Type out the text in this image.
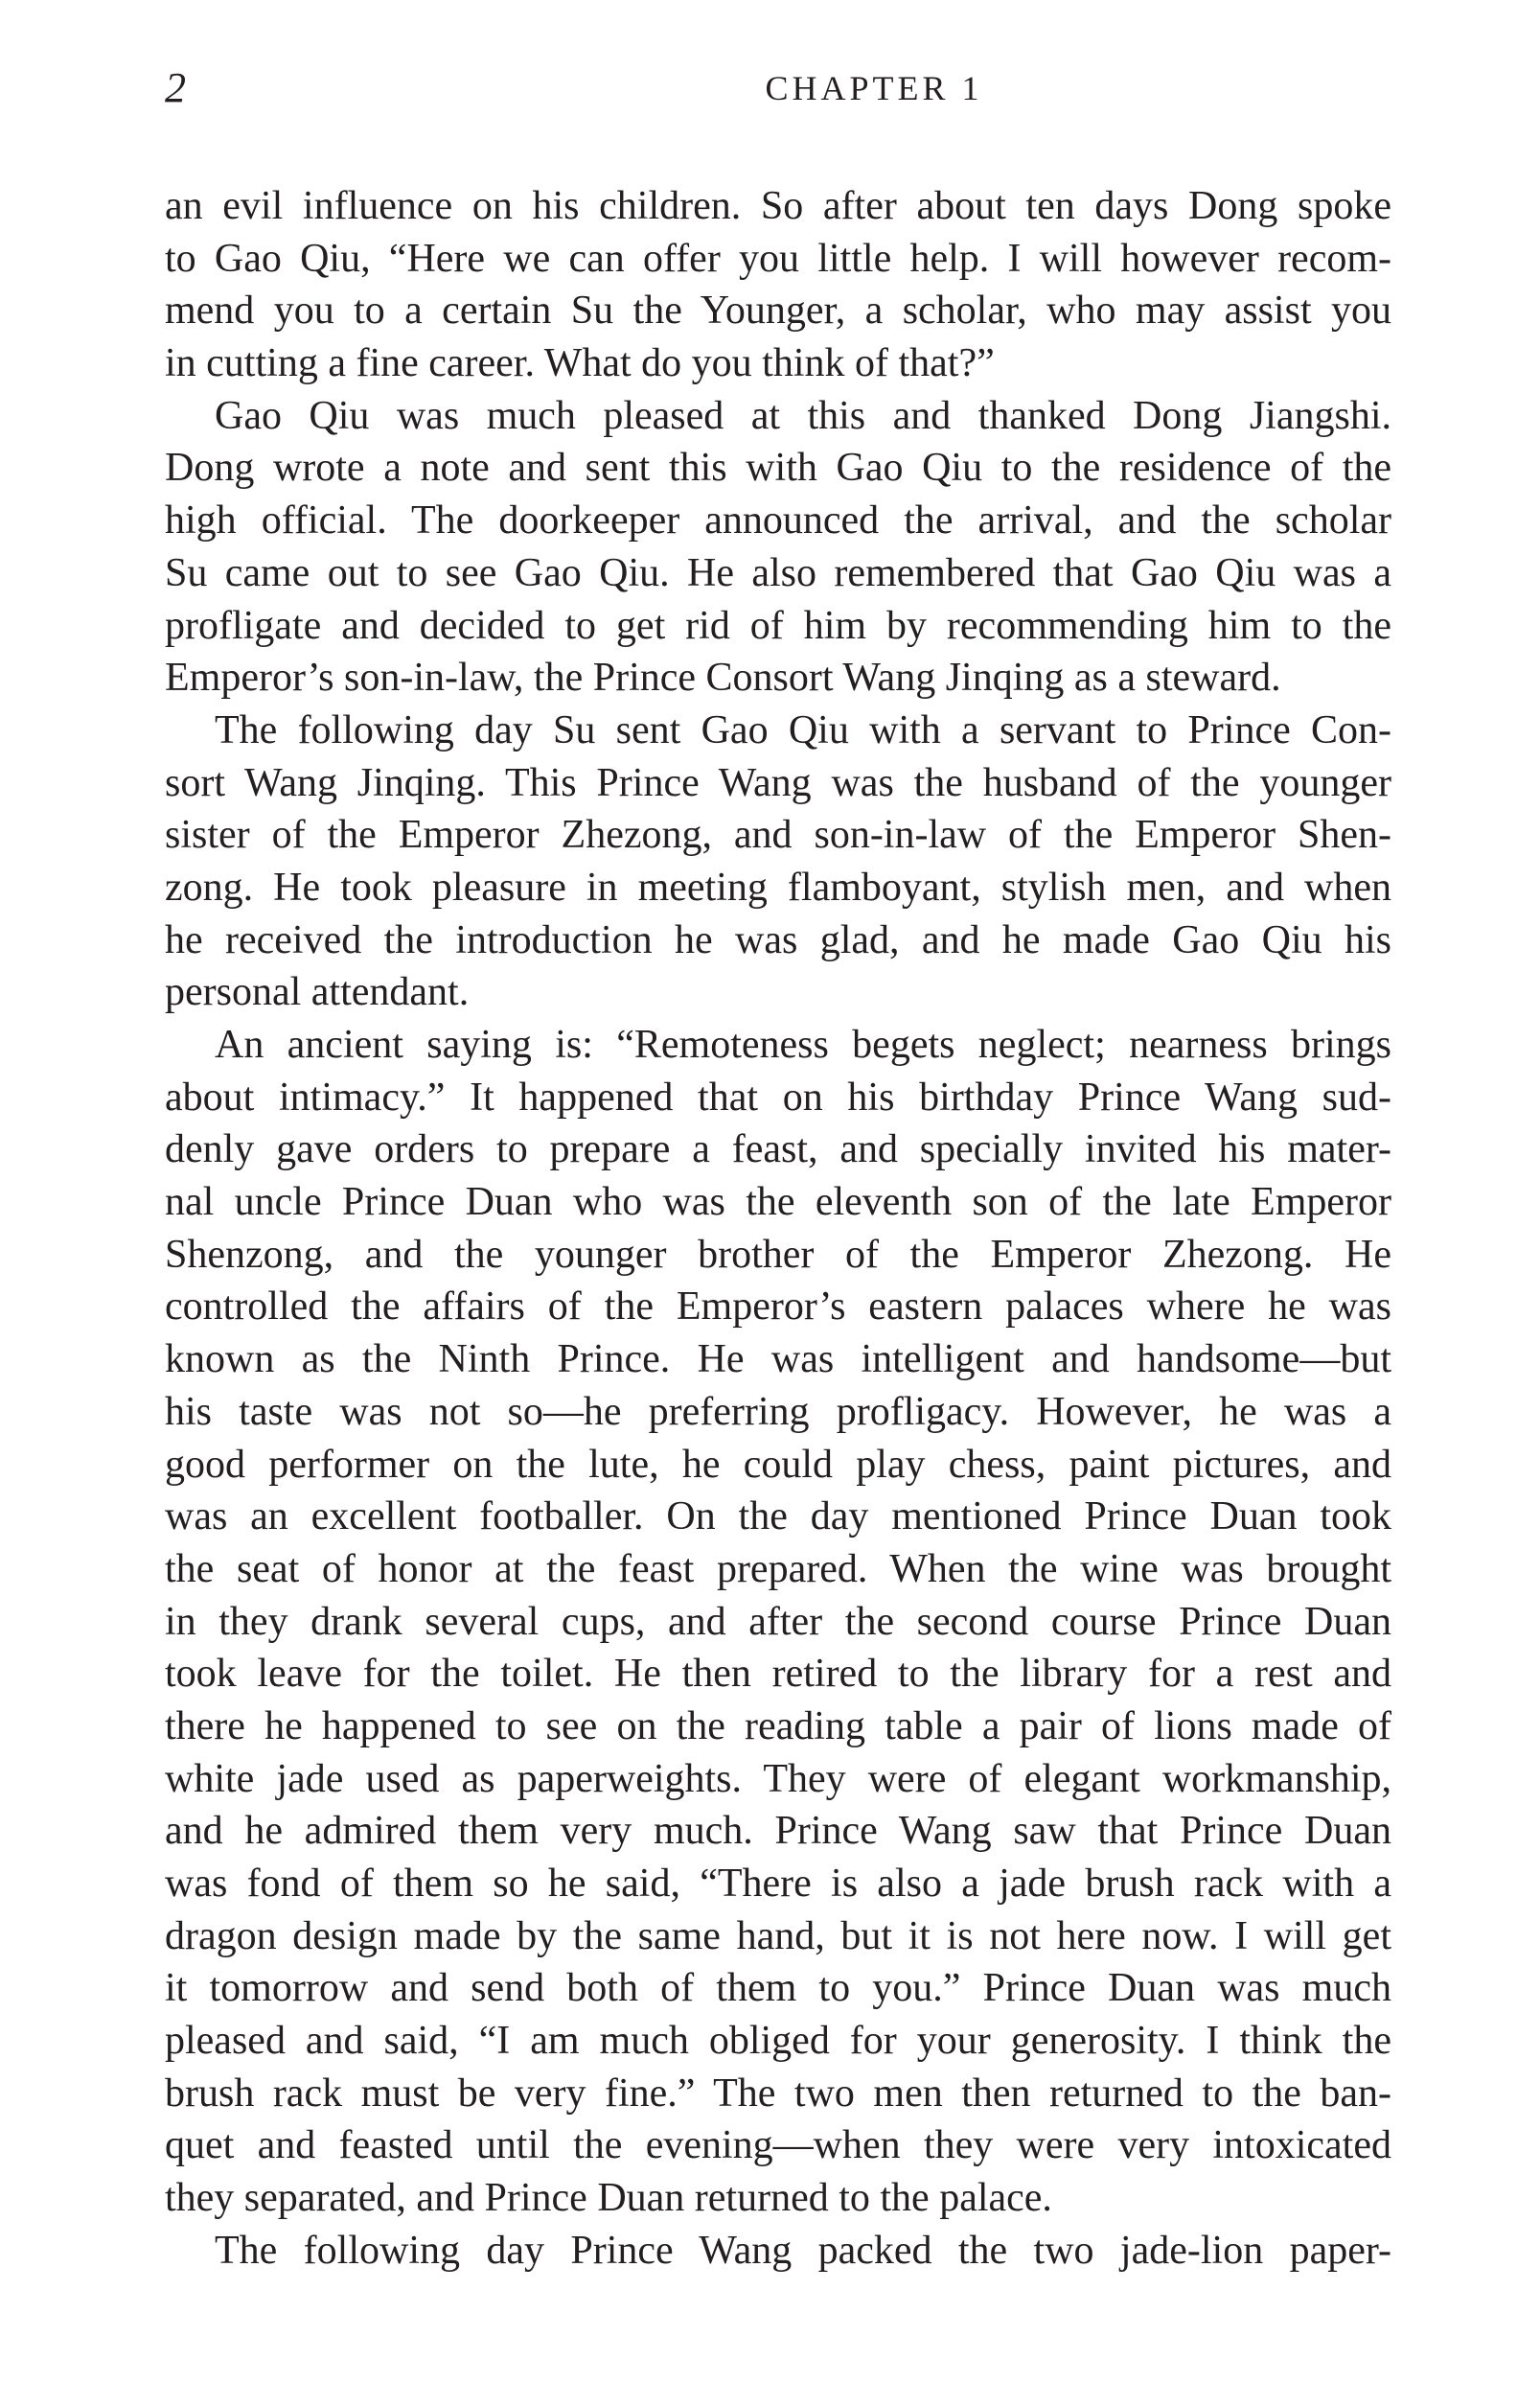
2	CHAPTER 1
an evil influence on his children. So after about ten days Dong spoke
to Gao Qiu, “Here we can offer you little help. I will however recom-
mend you to a certain Su the Younger, a scholar, who may assist you
in cutting a fine career. What do you think of that?”
Gao Qiu was much pleased at this and thanked Dong Jiangshi.
Dong wrote a note and sent this with Gao Qiu to the residence of the
high official. The doorkeeper announced the arrival, and the scholar
Su came out to see Gao Qiu. He also remembered that Gao Qiu was a
profligate and decided to get rid of him by recommending him to the
Emperor’s son-in-law, the Prince Consort Wang Jinqing as a steward.
The following day Su sent Gao Qiu with a servant to Prince Con-
sort Wang Jinqing. This Prince Wang was the husband of the younger
sister of the Emperor Zhezong, and son-in-law of the Emperor Shen-
zong. He took pleasure in meeting flamboyant, stylish men, and when
he received the introduction he was glad, and he made Gao Qiu his
personal attendant.
An ancient saying is: “Remoteness begets neglect; nearness brings
about intimacy.” It happened that on his birthday Prince Wang sud-
denly gave orders to prepare a feast, and specially invited his mater-
nal uncle Prince Duan who was the eleventh son of the late Emperor
Shenzong, and the younger brother of the Emperor Zhezong. He
controlled the affairs of the Emperor’s eastern palaces where he was
known as the Ninth Prince. He was intelligent and handsome—but
his taste was not so—he preferring profligacy. However, he was a
good performer on the lute, he could play chess, paint pictures, and
was an excellent footballer. On the day mentioned Prince Duan took
the seat of honor at the feast prepared. When the wine was brought
in they drank several cups, and after the second course Prince Duan
took leave for the toilet. He then retired to the library for a rest and
there he happened to see on the reading table a pair of lions made of
white jade used as paperweights. They were of elegant workmanship,
and he admired them very much. Prince Wang saw that Prince Duan
was fond of them so he said, “There is also a jade brush rack with a
dragon design made by the same hand, but it is not here now. I will get
it tomorrow and send both of them to you.” Prince Duan was much
pleased and said, “I am much obliged for your generosity. I think the
brush rack must be very fine.” The two men then returned to the ban-
quet and feasted until the evening—when they were very intoxicated
they separated, and Prince Duan returned to the palace.
The following day Prince Wang packed the two jade-lion paper-
